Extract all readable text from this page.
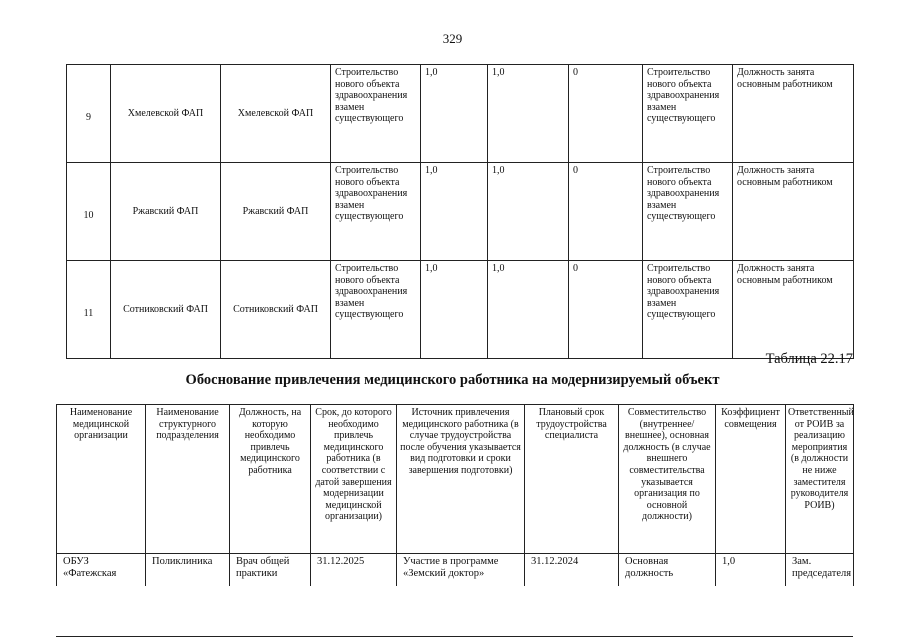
329
9	Хмелевской ФАП	Хмелевской ФАП	Строительство нового объекта здравоохранения взамен существующего	1,0	1,0	0	Строительство нового объекта здравоохранения взамен существующего	Должность занята основным работником
10	Ржавский ФАП	Ржавский ФАП	Строительство нового объекта здравоохранения взамен существующего	1,0	1,0	0	Строительство нового объекта здравоохранения взамен существующего	Должность занята основным работником
11	Сотниковский ФАП	Сотниковский ФАП	Строительство нового объекта здравоохранения взамен существующего	1,0	1,0	0	Строительство нового объекта здравоохранения взамен существующего	Должность занята основным работником
Таблица 22.17
Обоснование привлечения медицинского работника на модернизируемый объект
Наименование медицинской организации	Наименование структурного подразделения	Должность, на которую необходимо привлечь медицинского работника	Срок, до которого необходимо привлечь медицинского работника (в соответствии с датой завершения модернизации медицинской организации)	Источник привлечения медицинского работника (в случае трудоустройства после обучения указывается вид подготовки и сроки завершения подготовки)	Плановый срок трудоустройства специалиста	Совместительство (внутреннее/внешнее), основная должность (в случае внешнего совместительства указывается организация по основной должности)	Коэффициент совмещения	Ответственный от РОИВ за реализацию мероприятия (в должности не ниже заместителя руководителя РОИВ)
ОБУЗ «Фатежская	Поликлиника	Врач общей практики	31.12.2025	Участие в программе «Земский доктор»	31.12.2024	Основная должность	1,0	Зам. председателя
